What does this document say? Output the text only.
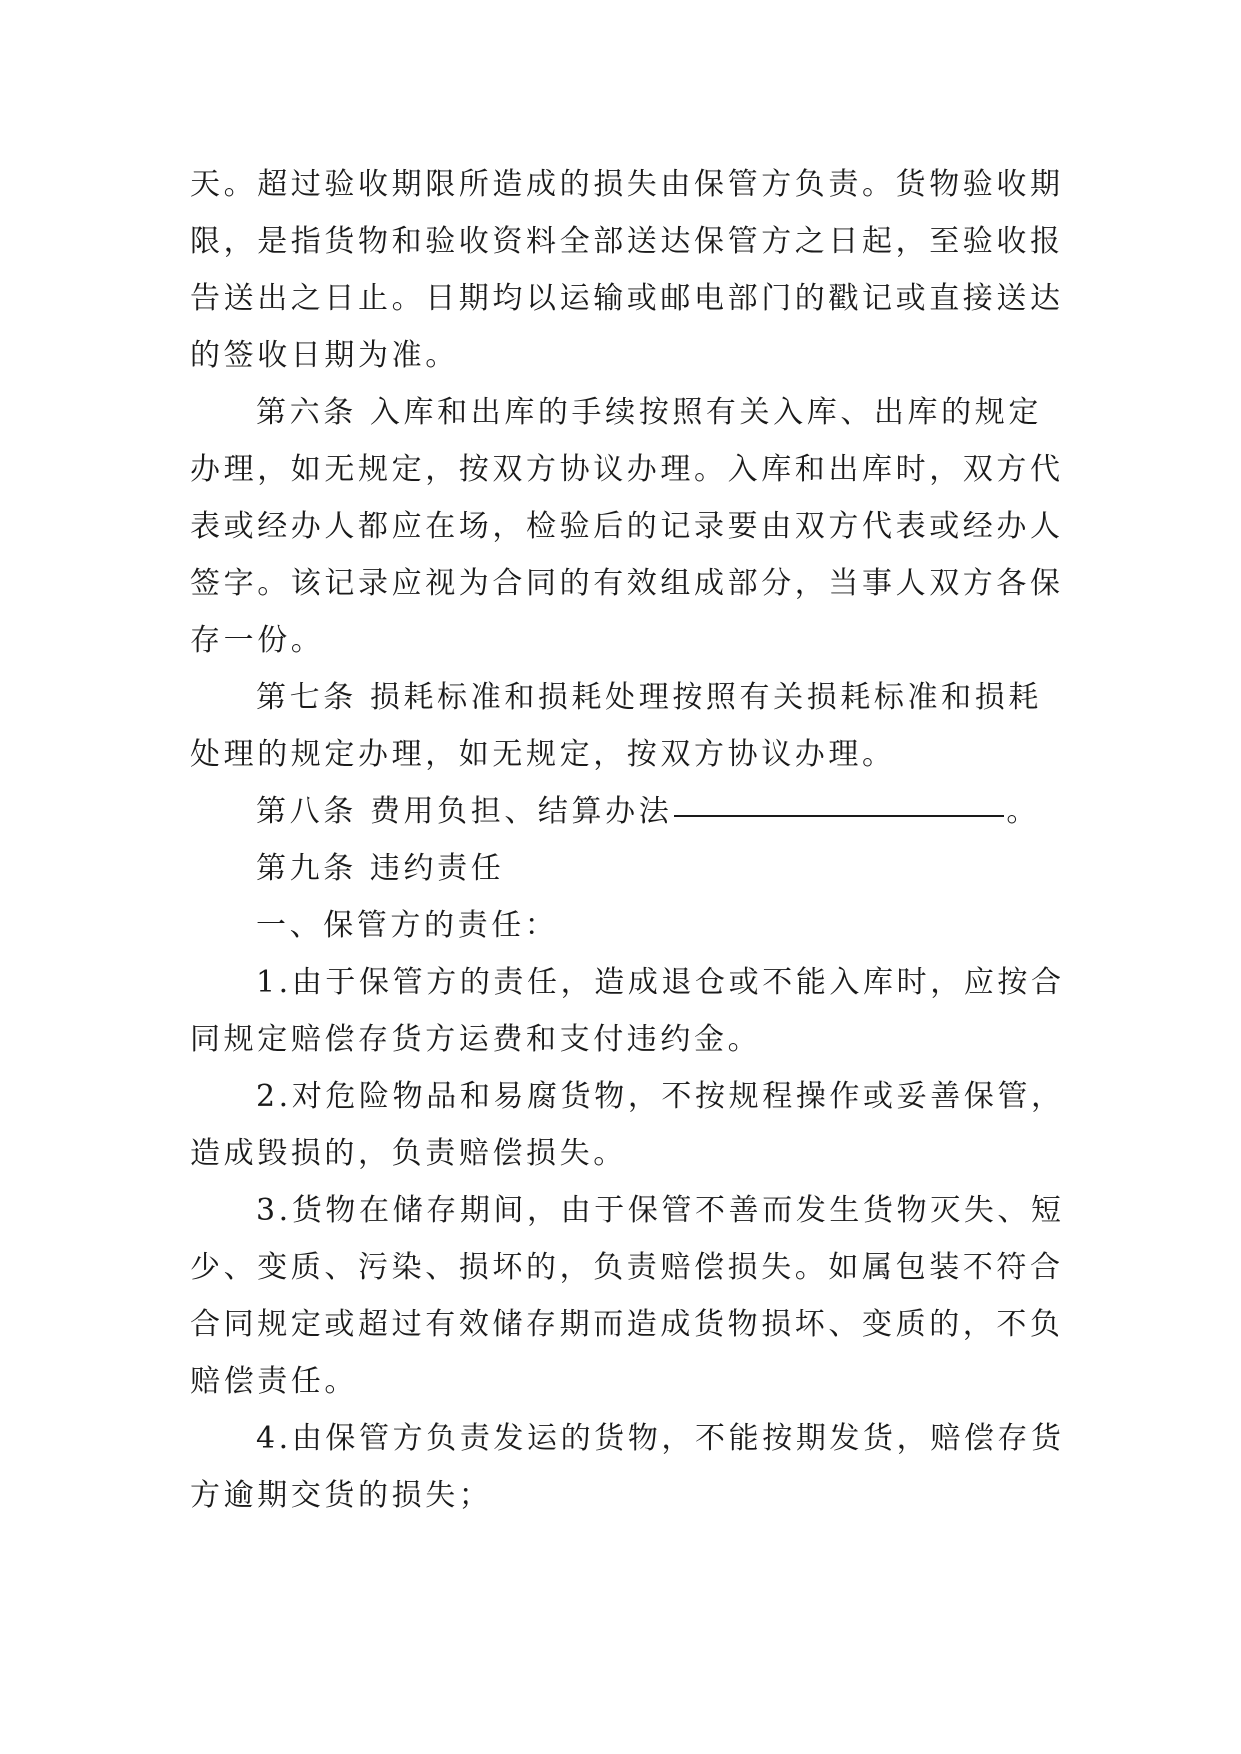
天。超过验收期限所造成的损失由保管方负责。货物验收期
限，是指货物和验收资料全部送达保管方之日起，至验收报
告送出之日止。日期均以运输或邮电部门的戳记或直接送达
的签收日期为准。
第六条 入库和出库的手续按照有关入库、出库的规定
办理，如无规定，按双方协议办理。入库和出库时，双方代
表或经办人都应在场，检验后的记录要由双方代表或经办人
签字。该记录应视为合同的有效组成部分，当事人双方各保
存一份。
第七条 损耗标准和损耗处理按照有关损耗标准和损耗
处理的规定办理，如无规定，按双方协议办理。
第八条 费用负担、结算办法	。
第九条 违约责任
一、保管方的责任：
1.由于保管方的责任，造成退仓或不能入库时，应按合
同规定赔偿存货方运费和支付违约金。
2.对危险物品和易腐货物，不按规程操作或妥善保管，
造成毁损的，负责赔偿损失。
3.货物在储存期间，由于保管不善而发生货物灭失、短
少、变质、污染、损坏的，负责赔偿损失。如属包装不符合
合同规定或超过有效储存期而造成货物损坏、变质的，不负
赔偿责任。
4.由保管方负责发运的货物，不能按期发货，赔偿存货
方逾期交货的损失；
